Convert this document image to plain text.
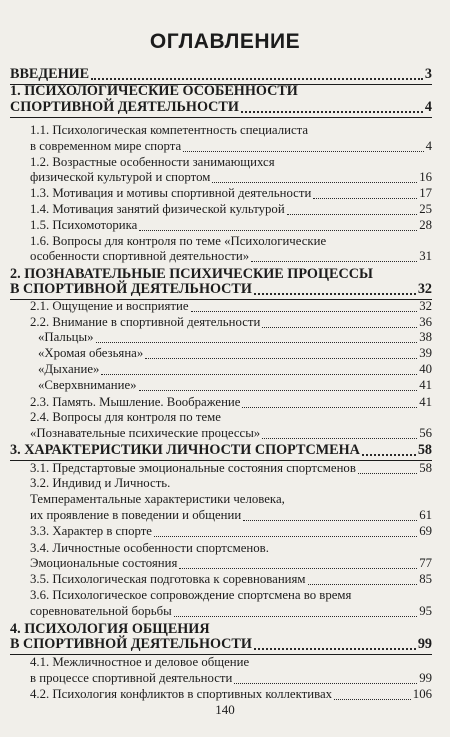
ОГЛАВЛЕНИЕ
ВВЕДЕНИЕ	3
1. ПСИХОЛОГИЧЕСКИЕ ОСОБЕННОСТИ
СПОРТИВНОЙ ДЕЯТЕЛЬНОСТИ	4
1.1. Психологическая компетентность специалиста
в современном мире спорта	4
1.2. Возрастные особенности занимающихся
физической культурой и спортом	16
1.3. Мотивация и мотивы спортивной деятельности	17
1.4. Мотивация занятий физической культурой	25
1.5. Психомоторика	28
1.6. Вопросы для контроля по теме «Психологические
особенности спортивной деятельности»	31
2. ПОЗНАВАТЕЛЬНЫЕ ПСИХИЧЕСКИЕ ПРОЦЕССЫ
В СПОРТИВНОЙ ДЕЯТЕЛЬНОСТИ	32
2.1. Ощущение и восприятие	32
2.2. Внимание в спортивной деятельности	36
«Пальцы»	38
«Хромая обезьяна»	39
«Дыхание»	40
«Сверхвнимание»	41
2.3. Память. Мышление. Воображение	41
2.4. Вопросы для контроля по теме
«Познавательные психические процессы»	56
3. ХАРАКТЕРИСТИКИ ЛИЧНОСТИ СПОРТСМЕНА	58
3.1. Предстартовые эмоциональные состояния спортсменов	58
3.2. Индивид и Личность.
Темпераментальные характеристики человека,
их проявление в поведении и общении	61
3.3. Характер в спорте	69
3.4. Личностные особенности спортсменов.
Эмоциональные состояния	77
3.5. Психологическая подготовка к соревнованиям	85
3.6. Психологическое сопровождение спортсмена во время
соревновательной борьбы	95
4. ПСИХОЛОГИЯ ОБЩЕНИЯ
В СПОРТИВНОЙ ДЕЯТЕЛЬНОСТИ	99
4.1. Межличностное и деловое общение
в процессе спортивной деятельности	99
4.2. Психология конфликтов в спортивных коллективах	106
140
